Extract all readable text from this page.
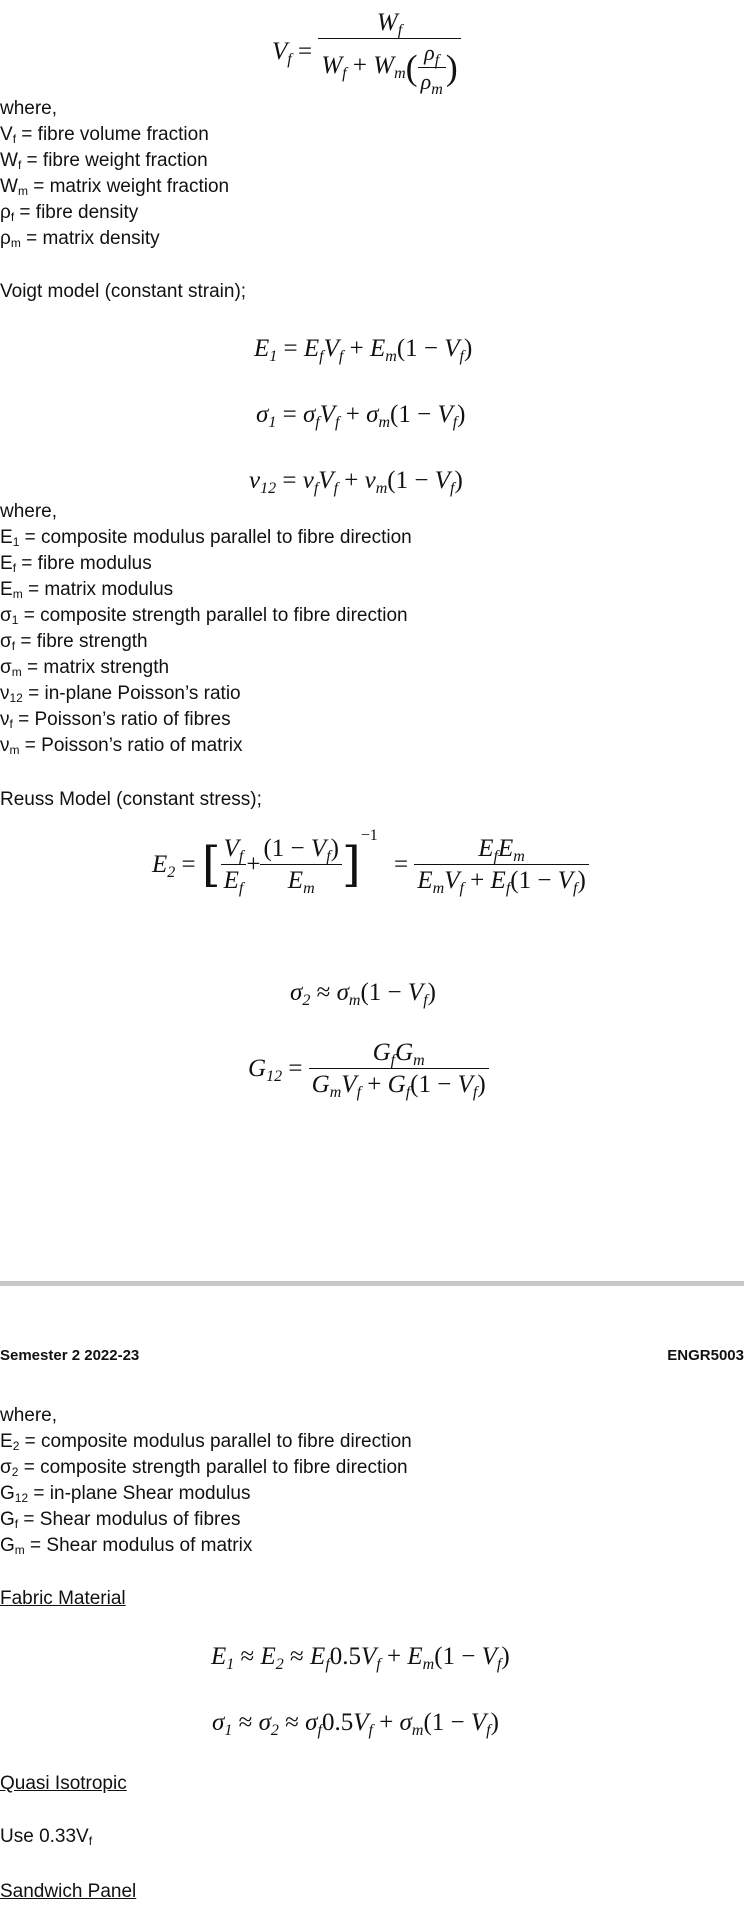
$V_f = \frac{W_f}{W_f + W_m( \frac{\rho_f}{\rho_m} )}$
where,
$V_f$ = fibre volume fraction
$W_f$ = fibre weight fraction
$W_m$ = matrix weight fraction
$\rho_f$ = fibre density
$\rho_m$ = matrix density
Voigt model (constant strain);
$E_1 = E_fV_f + E_m(1 - V_f)$
$\sigma_1 = \sigma_fV_f + \sigma_m(1 - V_f)$
$\nu_{12} = \nu_fV_f + \nu_m(1 - V_f)$
where,
$E_1$ = composite modulus parallel to fibre direction
$E_f$ = fibre modulus
$E_m$ = matrix modulus
$\sigma_1$ = composite strength parallel to fibre direction
$\sigma_f$ = fibre strength
$\sigma_m$ = matrix strength
$\nu_{12}$ = in-plane Poisson’s ratio
$\nu_f$ = Poisson’s ratio of fibres
$\nu_m$ = Poisson’s ratio of matrix
Reuss Model (constant stress);
$E_2$ = [ $\frac{V_f}{E_f} + \frac{(1 - V_f)}{E_m} ]^{-1} = \frac{E_fE_m}{E_mV_f + E_f(1 - V_f)}$
$\sigma_2 \approx \sigma_m(1 - V_f)$
$G_{12} = \frac{G_fG_m}{G_mV_f + G_f(1 - V_f)}$
Semester 2 2022-23	ENGR5003
where,
$E_2$ = composite modulus parallel to fibre direction
$\sigma_2$ = composite strength parallel to fibre direction
$G_{12}$ = in-plane Shear modulus
$G_f$ = Shear modulus of fibres
$G_m$ = Shear modulus of matrix
Fabric Material
$E_1 \approx E_2 \approx E_f0.5V_f + E_m(1 - V_f)$
$\sigma_1 \approx \sigma_2 \approx \sigma_f0.5V_f + \sigma_m(1 - V_f)$
Quasi Isotropic
Use $0.33V_f$
Sandwich Panel
